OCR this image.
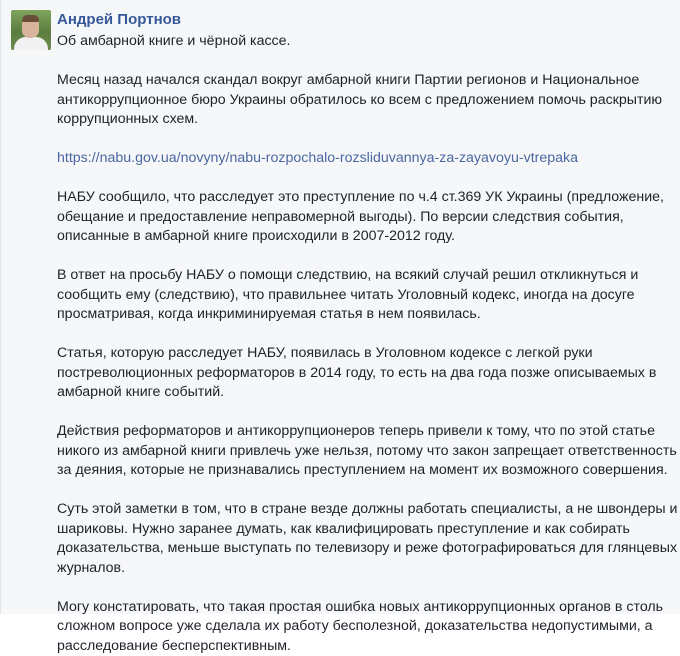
Андрей Портнов

Об амбарной книге и чёрной кассе.

Месяц назад начался скандал вокруг амбарной книги Партии регионов и Национальное антикоррупционное бюро Украины обратилось ко всем с предложением помочь раскрытию коррупционных схем.

https://nabu.gov.ua/novyny/nabu-rozpochalo-rozsliduvannya-za-zayavoyu-vtrepaka

НАБУ сообщило, что расследует это преступление по ч.4 ст.369 УК Украины (предложение, обещание и предоставление неправомерной выгоды). По версии следствия события, описанные в амбарной книге происходили в 2007-2012 году.

В ответ на просьбу НАБУ о помощи следствию, на всякий случай решил откликнуться и сообщить ему (следствию), что правильнее читать Уголовный кодекс, иногда на досуге просматривая, когда инкриминируемая статья в нем появилась.

Статья, которую расследует НАБУ, появилась в Уголовном кодексе с легкой руки постреволюционных реформаторов в 2014 году, то есть на два года позже описываемых в амбарной книге событий.

Действия реформаторов и антикоррупционеров теперь привели к тому, что по этой статье никого из амбарной книги привлечь уже нельзя, потому что закон запрещает ответственность за деяния, которые не признавались преступлением на момент их возможного совершения.

Суть этой заметки в том, что в стране везде должны работать специалисты, а не швондеры и шариковы. Нужно заранее думать, как квалифицировать преступление и как собирать доказательства, меньше выступать по телевизору и реже фотографироваться для глянцевых журналов.

Могу констатировать, что такая простая ошибка новых антикоррупционных органов в столь сложном вопросе уже сделала их работу бесполезной, доказательства недопустимыми, а расследование бесперспективным.
